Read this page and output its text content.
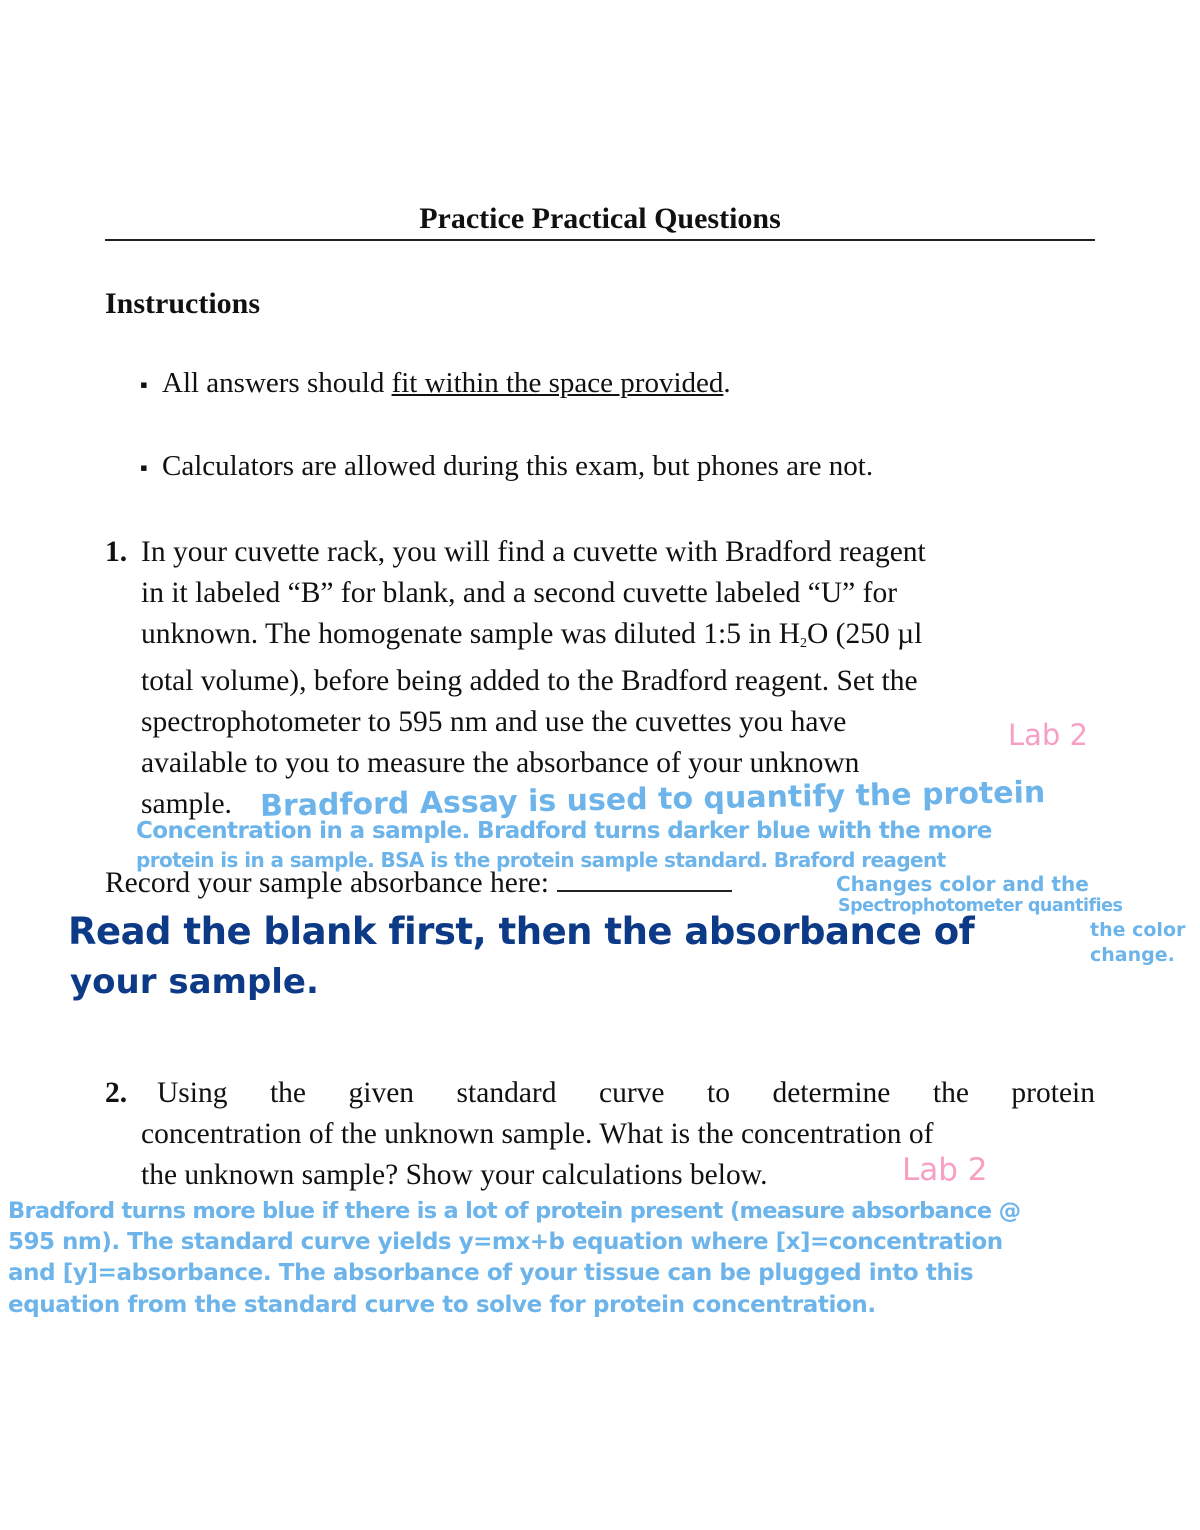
Practice Practical Questions
Instructions
▪ All answers should fit within the space provided.
▪ Calculators are allowed during this exam, but phones are not.
1. In your cuvette rack, you will find a cuvette with Bradford reagent
in it labeled “B” for blank, and a second cuvette labeled “U” for
unknown. The homogenate sample was diluted 1:5 in $H_2O$ (250 µl
total volume), before being added to the Bradford reagent. Set the
spectrophotometer to 595 nm and use the cuvettes you have
available to you to measure the absorbance of your unknown
sample.
Record your sample absorbance here:
2. Using the given standard curve to determine the protein
concentration of the unknown sample. What is the concentration of
the unknown sample? Show your calculations below.
Lab 2
Bradford Assay is used to quantify the protein
Concentration in a sample. Bradford turns darker blue with the more
protein is in a sample. BSA is the protein sample standard. Braford reagent
Changes color and the
Spectrophotometer quantifies
the color
change.
Read the blank first, then the absorbance of
your sample.
Lab 2
Bradford turns more blue if there is a lot of protein present (measure absorbance @
595 nm). The standard curve yields y=mx+b equation where [x]=concentration
and [y]=absorbance. The absorbance of your tissue can be plugged into this
equation from the standard curve to solve for protein concentration.
